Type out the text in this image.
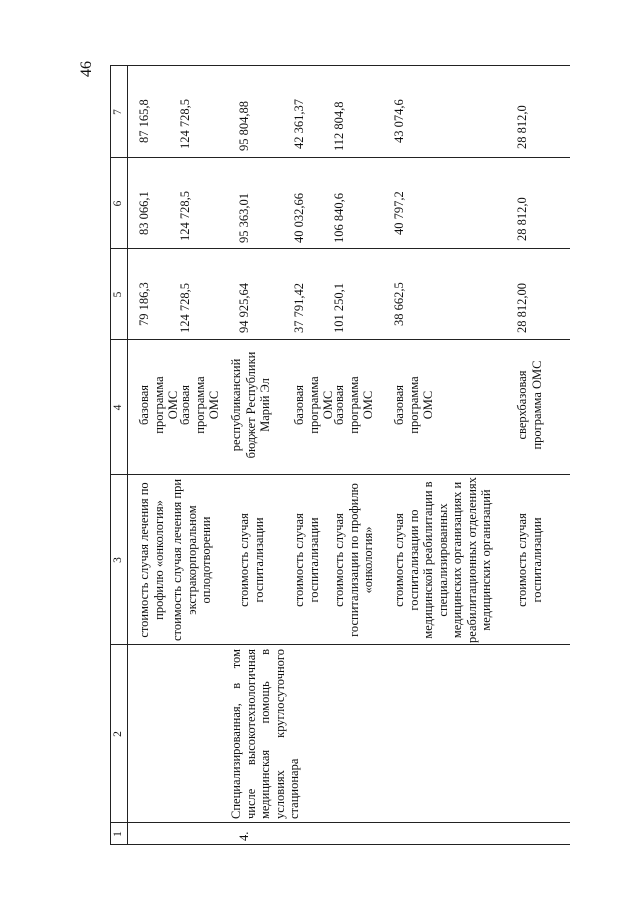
46
1
2
3
4
5
6
7
стоимость случая лечения по профилю «онкология»
базовая программа ОМС
79 186,3
83 066,1
87 165,8
стоимость случая лечения при экстракорпоральном оплодотворении
базовая программа ОМС
124 728,5
124 728,5
124 728,5
4.
Специализированная, в том числе высокотехнологичная медицинская помощь в условиях круглосуточного стационара
стоимость случая госпитализации
республиканский бюджет Республики Марий Эл
94 925,64
95 363,01
95 804,88
стоимость случая госпитализации
базовая программа ОМС
37 791,42
40 032,66
42 361,37
стоимость случая госпитализации по профилю «онкология»
базовая программа ОМС
101 250,1
106 840,6
112 804,8
стоимость случая госпитализации по медицинской реабилитации в специализированных медицинских организациях и реабилитационных отделениях медицинских организаций
базовая программа ОМС
38 662,5
40 797,2
43 074,6
стоимость случая госпитализации
сверхбазовая программа ОМС
28 812,00
28 812,0
28 812,0
